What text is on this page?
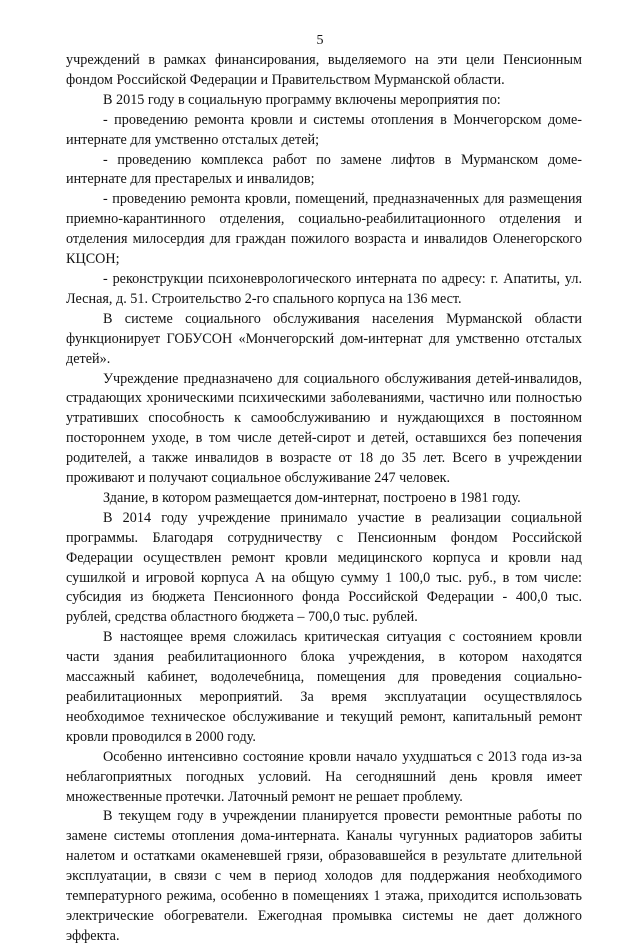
5

учреждений в рамках финансирования, выделяемого на эти цели Пенсионным фондом Российской Федерации и Правительством Мурманской области.

В 2015 году в социальную программу включены мероприятия по:

- проведению ремонта кровли и системы отопления в Мончегорском доме-интернате для умственно отсталых детей;

- проведению комплекса работ по замене лифтов в Мурманском доме-интернате для престарелых и инвалидов;

- проведению ремонта кровли, помещений, предназначенных для размещения приемно-карантинного отделения, социально-реабилитационного отделения и отделения милосердия для граждан пожилого возраста и инвалидов Оленегорского КЦСОН;

- реконструкции психоневрологического интерната по адресу: г. Апатиты, ул. Лесная, д. 51. Строительство 2-го спального корпуса на 136 мест.

В системе социального обслуживания населения Мурманской области функционирует ГОБУСОН «Мончегорский дом-интернат для умственно отсталых детей».

Учреждение предназначено для социального обслуживания детей-инвалидов, страдающих хроническими психическими заболеваниями, частично или полностью утративших способность к самообслуживанию и нуждающихся в постоянном постороннем уходе, в том числе детей-сирот и детей, оставшихся без попечения родителей, а также инвалидов в возрасте от 18 до 35 лет. Всего в учреждении проживают и получают социальное обслуживание 247 человек.

Здание, в котором размещается дом-интернат, построено в 1981 году.

В 2014 году учреждение принимало участие в реализации социальной программы. Благодаря сотрудничеству с Пенсионным фондом Российской Федерации осуществлен ремонт кровли медицинского корпуса и кровли над сушилкой и игровой корпуса А на общую сумму 1 100,0 тыс. руб., в том числе: субсидия из бюджета Пенсионного фонда Российской Федерации - 400,0 тыс. рублей, средства областного бюджета – 700,0 тыс. рублей.

В настоящее время сложилась критическая ситуация с состоянием кровли части здания реабилитационного блока учреждения, в котором находятся массажный кабинет, водолечебница, помещения для проведения социально-реабилитационных мероприятий. За время эксплуатации осуществлялось необходимое техническое обслуживание и текущий ремонт, капитальный ремонт кровли проводился в 2000 году.

Особенно интенсивно состояние кровли начало ухудшаться с 2013 года из-за неблагоприятных погодных условий. На сегодняшний день кровля имеет множественные протечки. Латочный ремонт не решает проблему.

В текущем году в учреждении планируется провести ремонтные работы по замене системы отопления дома-интерната. Каналы чугунных радиаторов забиты налетом и остатками окаменевшей грязи, образовавшейся в результате длительной эксплуатации, в связи с чем в период холодов для поддержания необходимого температурного режима, особенно в помещениях 1 этажа, приходится использовать электрические обогреватели. Ежегодная промывка системы не дает должного эффекта.
